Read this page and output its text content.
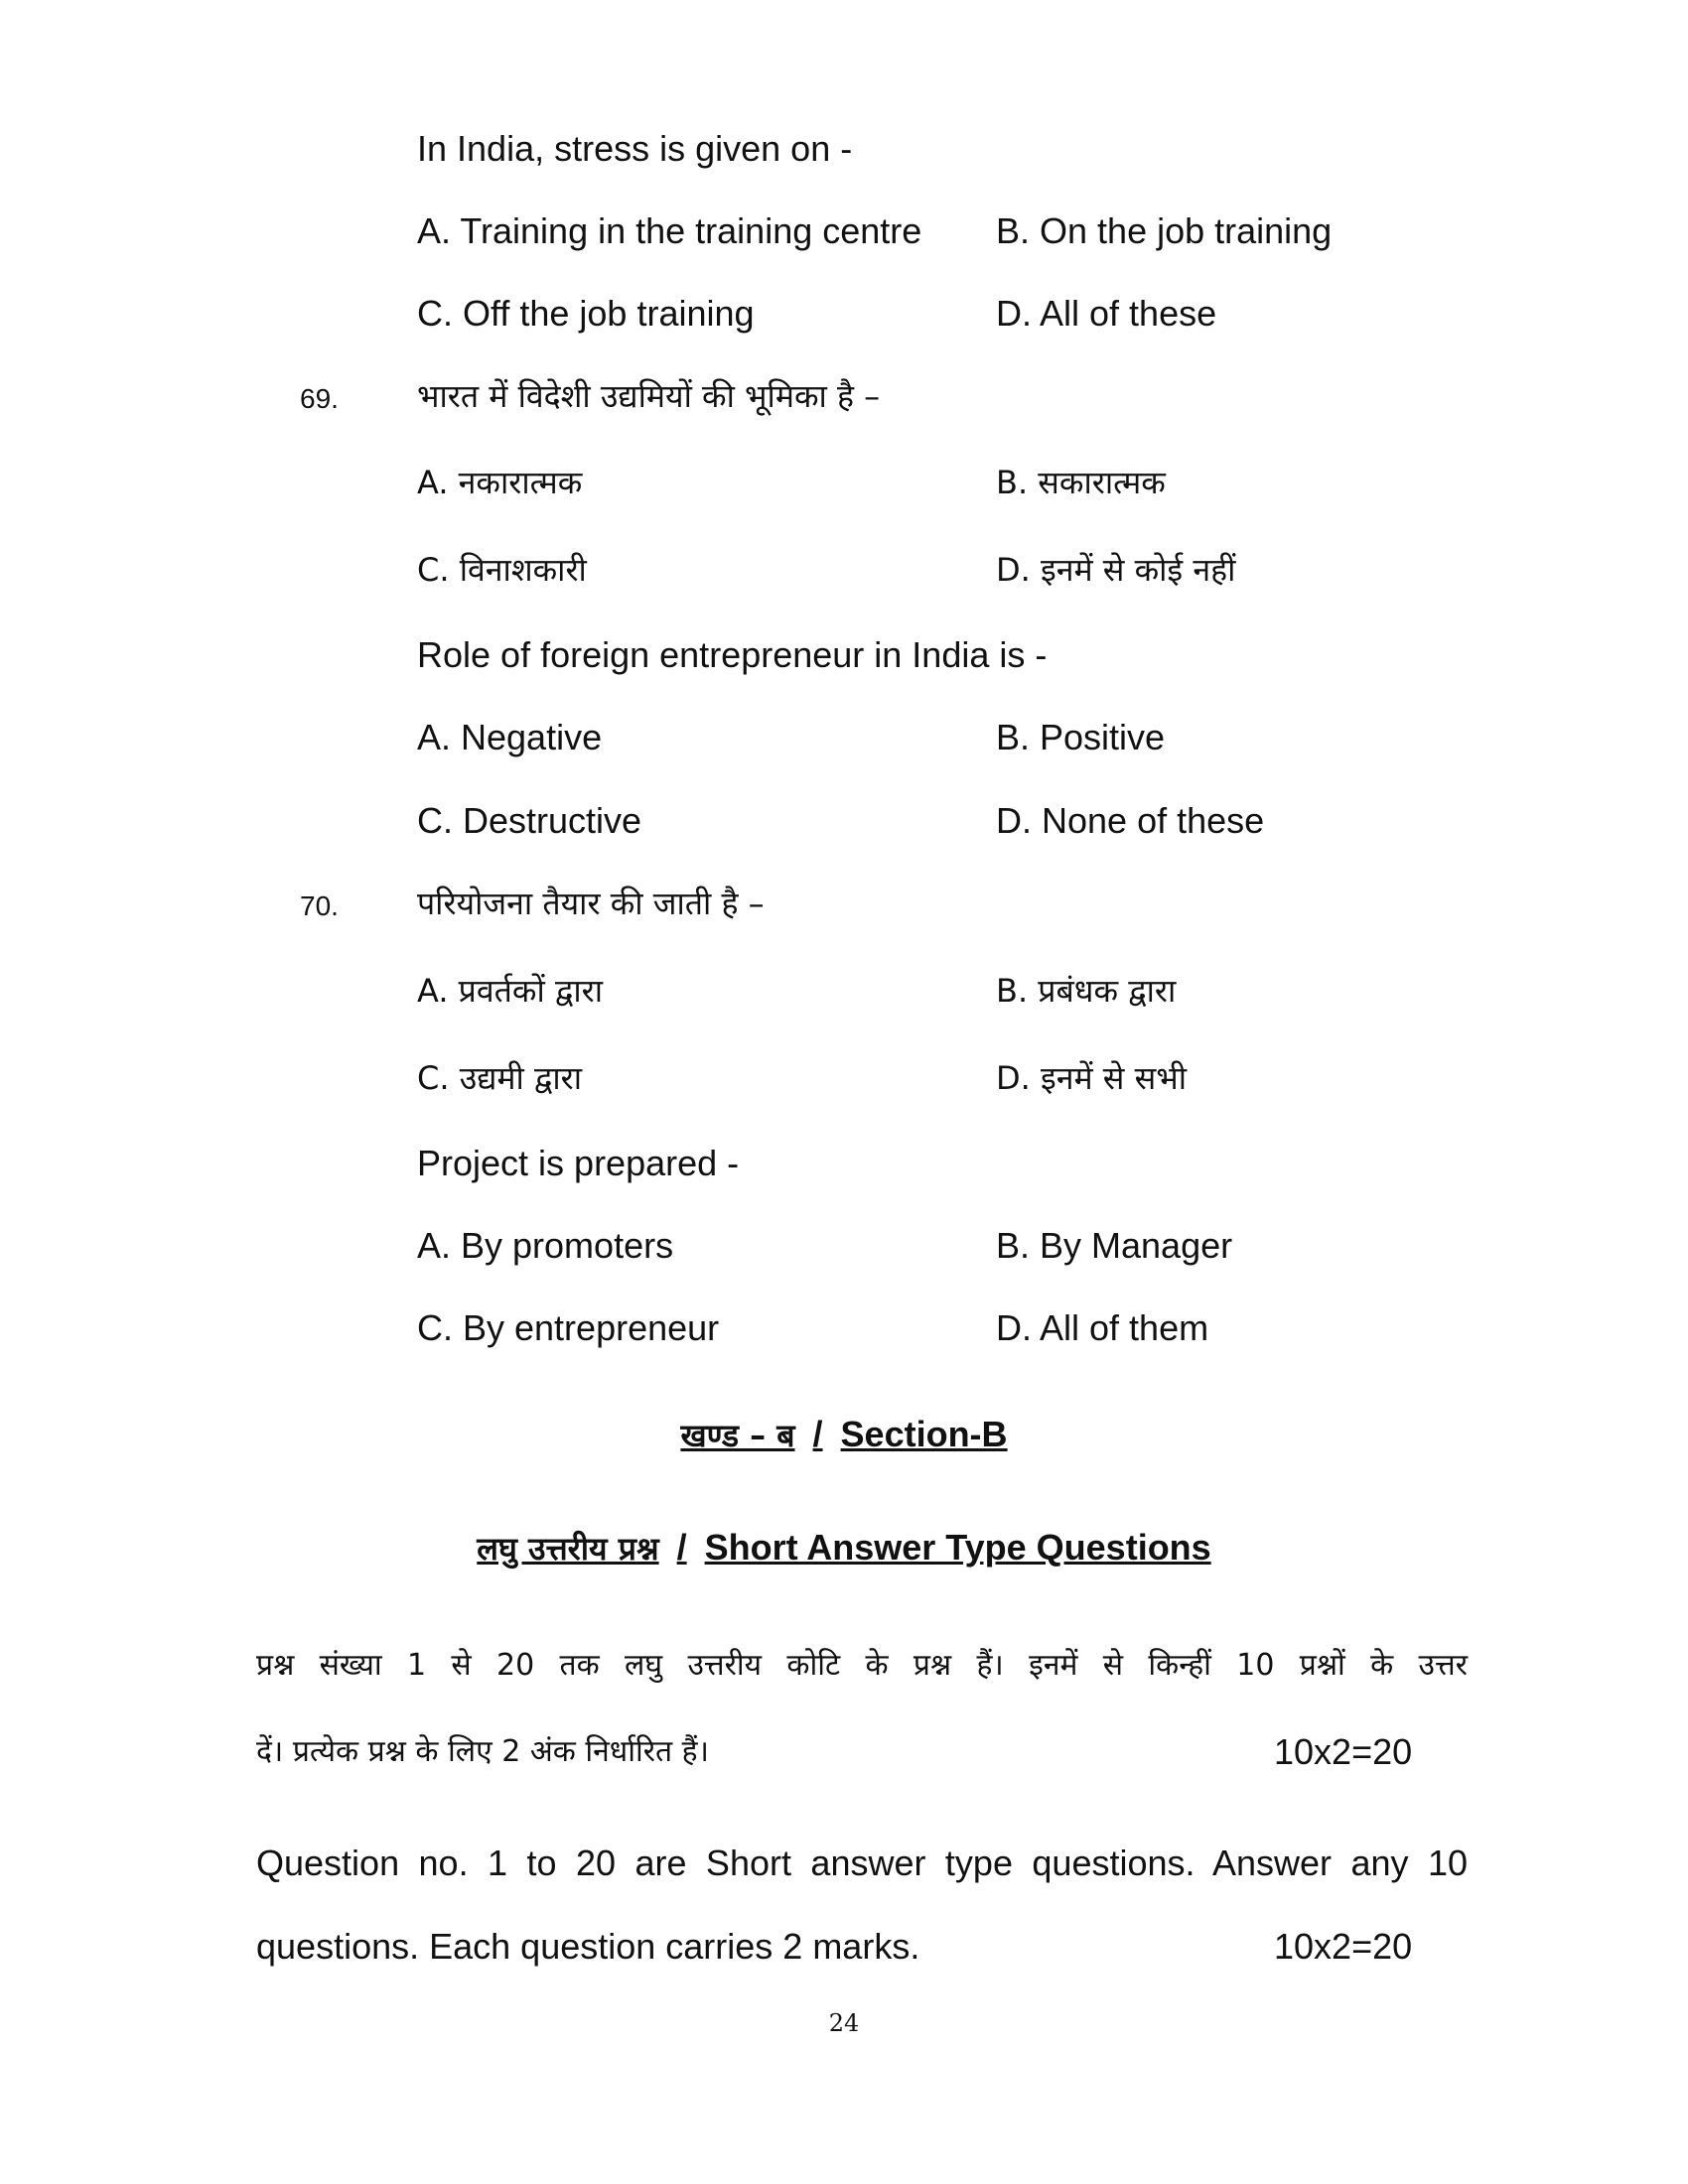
In India, stress is given on -
A. Training in the training centre B. On the job training
C. Off the job training	D. All of these
69. भारत में विदेशी उद्यमियों की भूमिका है –
A. नकारात्मक	B. सकारात्मक
C. विनाशकारी	D. इनमें से कोई नहीं
Role of foreign entrepreneur in India is -
A. Negative	B. Positive
C. Destructive	D. None of these
70. परियोजना तैयार की जाती है –
A. प्रवर्तकों द्वारा	B. प्रबंधक द्वारा
C. उद्यमी द्वारा	D. इनमें से सभी
Project is prepared -
A. By promoters	B. By Manager
C. By entrepreneur	D. All of them
खण्ड – ब / Section-B
लघु उत्तरीय प्रश्न / Short Answer Type Questions
प्रश्न संख्या 1 से 20 तक लघु उत्तरीय कोटि के प्रश्न हैं। इनमें से किन्हीं 10 प्रश्नों के उत्तर
दें। प्रत्येक प्रश्न के लिए 2 अंक निर्धारित हैं।	10x2=20
Question no. 1 to 20 are Short answer type questions. Answer any 10
questions. Each question carries 2 marks.	10x2=20
24
